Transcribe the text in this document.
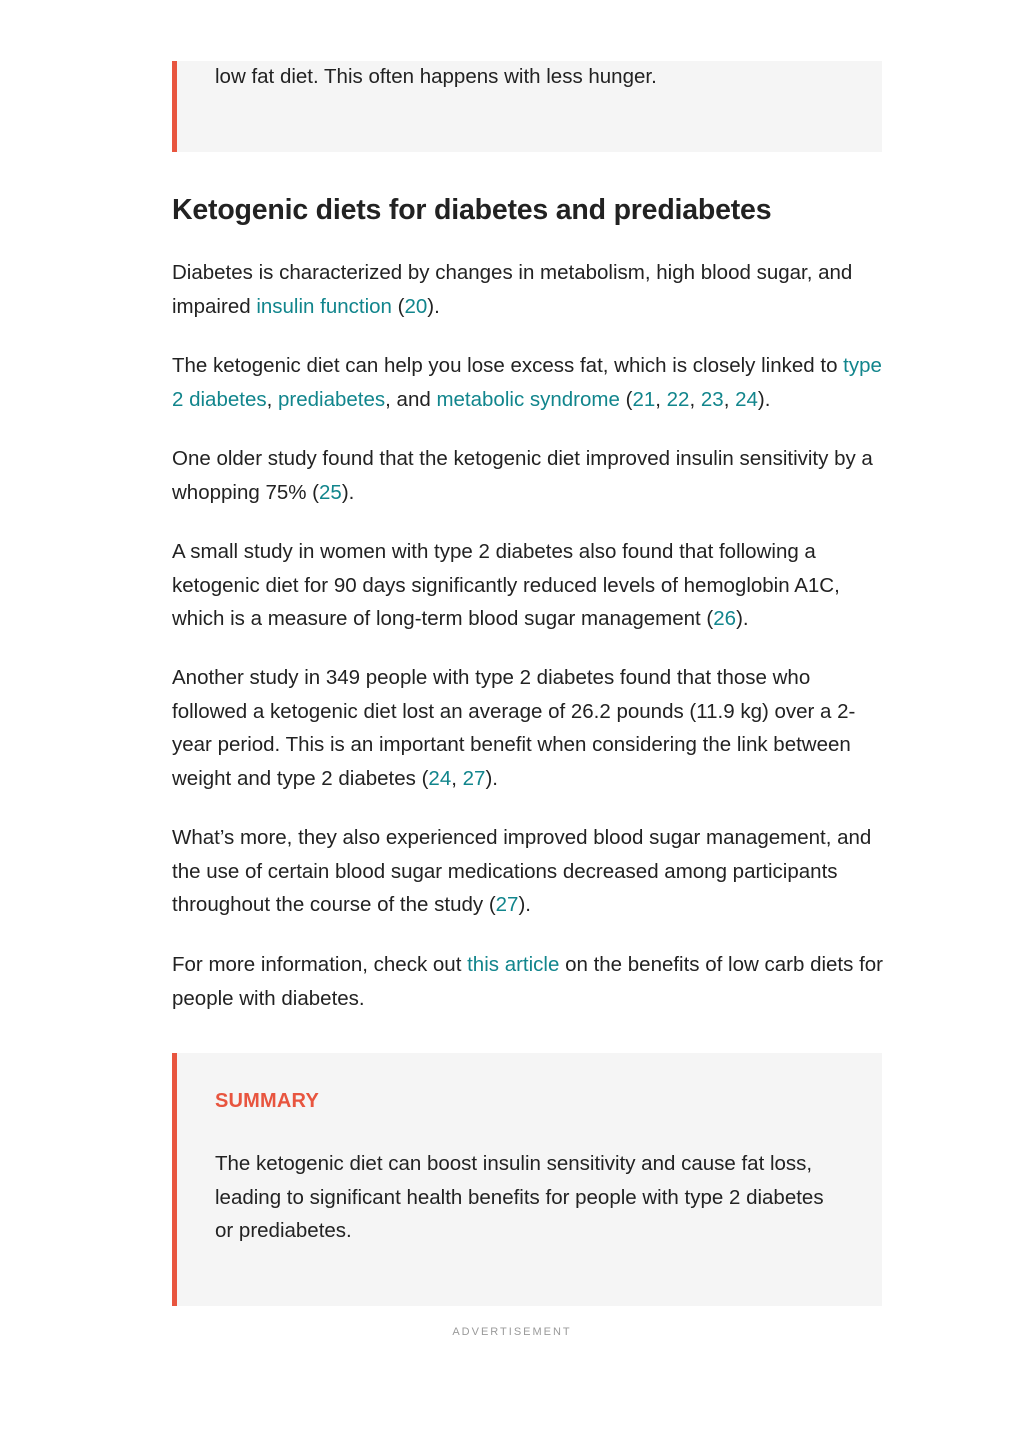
low fat diet. This often happens with less hunger.

Ketogenic diets for diabetes and prediabetes

Diabetes is characterized by changes in metabolism, high blood sugar, and impaired insulin function (20).

The ketogenic diet can help you lose excess fat, which is closely linked to type 2 diabetes, prediabetes, and metabolic syndrome (21, 22, 23, 24).

One older study found that the ketogenic diet improved insulin sensitivity by a whopping 75% (25).

A small study in women with type 2 diabetes also found that following a ketogenic diet for 90 days significantly reduced levels of hemoglobin A1C, which is a measure of long-term blood sugar management (26).

Another study in 349 people with type 2 diabetes found that those who followed a ketogenic diet lost an average of 26.2 pounds (11.9 kg) over a 2-year period. This is an important benefit when considering the link between weight and type 2 diabetes (24, 27).

What’s more, they also experienced improved blood sugar management, and the use of certain blood sugar medications decreased among participants throughout the course of the study (27).

For more information, check out this article on the benefits of low carb diets for people with diabetes.

SUMMARY

The ketogenic diet can boost insulin sensitivity and cause fat loss, leading to significant health benefits for people with type 2 diabetes or prediabetes.

ADVERTISEMENT
